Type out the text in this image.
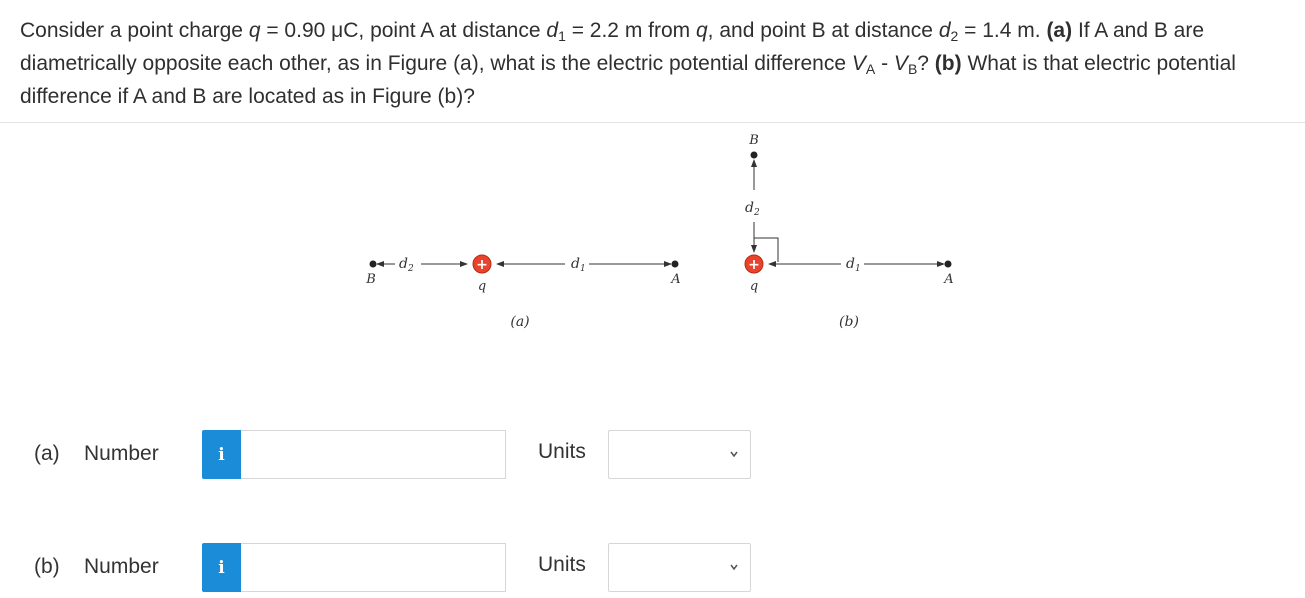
Consider a point charge q = 0.90 μC, point A at distance $d_1 = 2.2$ m from q, and point B at distance $d_2 = 1.4$ m. (a) If A and B are diametrically opposite each other, as in Figure (a), what is the electric potential difference $V_A - V_B$? (b) What is that electric potential difference if A and B are located as in Figure (b)?
$d_2$	+	$d_1$
B	q	A
(a)
B
$d_2$
+	$d_1$
q	A
(b)
(a) Number	i	Units
(b) Number	i	Units
